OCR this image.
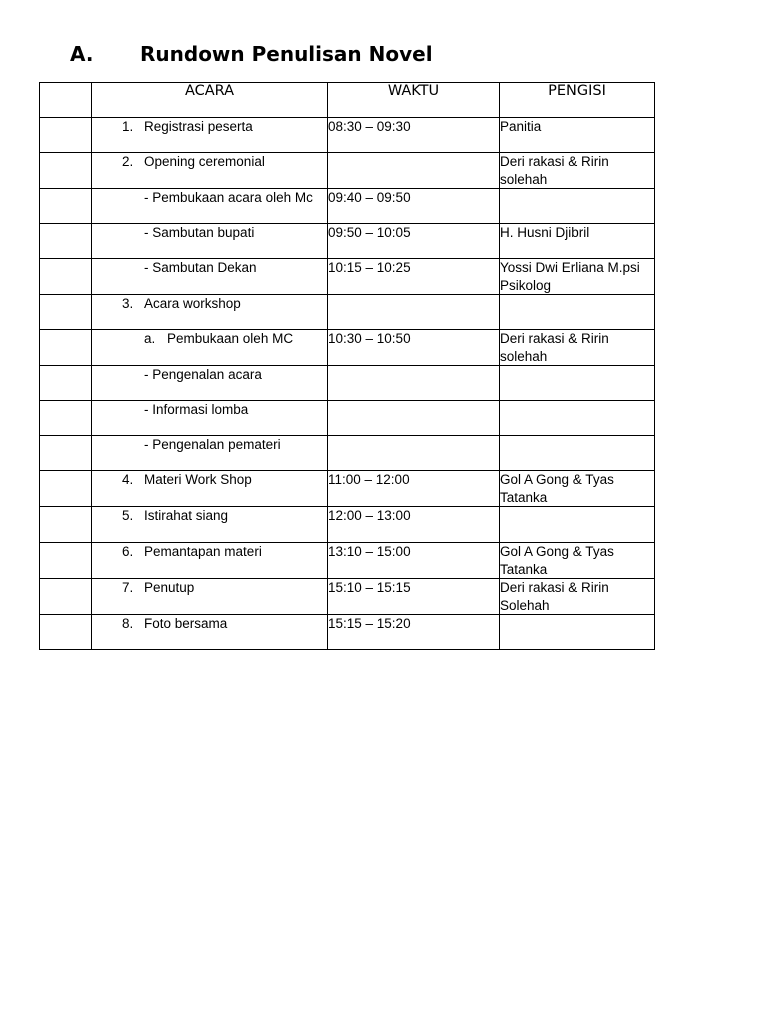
A. Rundown Penulisan Novel
	ACARA	WAKTU	PENGISI

	1. Registrasi peserta	08:30 – 09:30	Panitia

	2. Opening ceremonial		Deri rakasi & Ririn solehah

	- Pembukaan acara oleh Mc	09:40 – 09:50	

	- Sambutan bupati	09:50 – 10:05	H. Husni Djibril

	- Sambutan Dekan	10:15 – 10:25	Yossi Dwi Erliana M.psi Psikolog

	3. Acara workshop		

	a. Pembukaan oleh MC	10:30 – 10:50	Deri rakasi & Ririn solehah

	- Pengenalan acara		

	- Informasi lomba		

	- Pengenalan pemateri		

	4. Materi Work Shop	11:00 – 12:00	Gol A Gong & Tyas Tatanka

	5. Istirahat siang	12:00 – 13:00	

	6. Pemantapan materi	13:10 – 15:00	Gol A Gong & Tyas Tatanka

	7. Penutup	15:10 – 15:15	Deri rakasi & Ririn Solehah

	8. Foto bersama	15:15 – 15:20	
